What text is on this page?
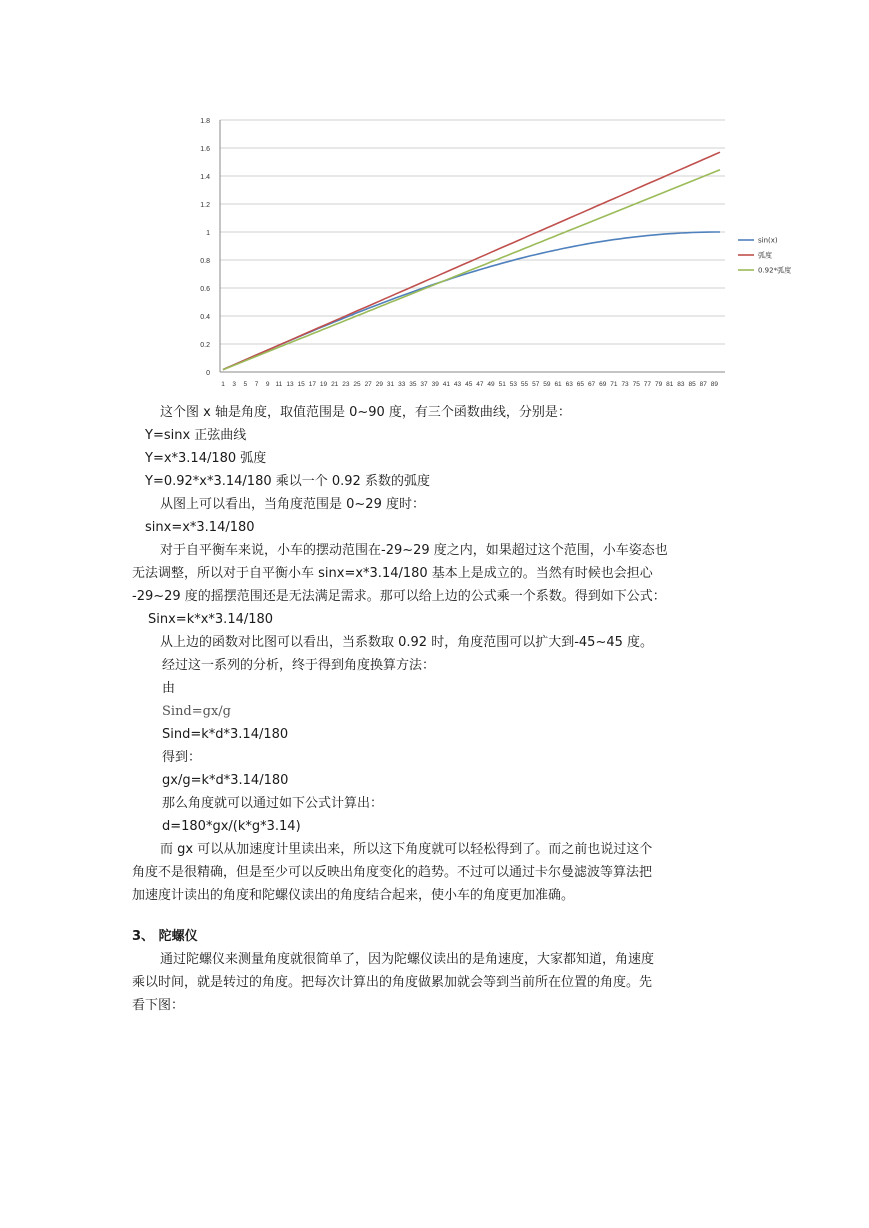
0
0.2
0.4
0.6
0.8
1
1.2
1.4
1.6
1.8
1 3 5 7 9 11 13 15 17 19 21 23 25 27 29 31 33 35 37 39 41 43 45 47 49 51 53 55 57 59 61 63 65 67 69 71 73 75 77 79 81 83 85 87 89
sin(x)
弧度
0.92*弧度
这个图 x 轴是角度，取值范围是 0~90 度，有三个函数曲线，分别是：
Y=sinx 正弦曲线
Y=x*3.14/180 弧度
Y=0.92*x*3.14/180 乘以一个 0.92 系数的弧度
从图上可以看出，当角度范围是 0~29 度时：
sinx=x*3.14/180
对于自平衡车来说，小车的摆动范围在-29~29 度之内，如果超过这个范围，小车姿态也
无法调整，所以对于自平衡小车 sinx=x*3.14/180 基本上是成立的。当然有时候也会担心
-29~29 度的摇摆范围还是无法满足需求。那可以给上边的公式乘一个系数。得到如下公式：
Sinx=k*x*3.14/180
从上边的函数对比图可以看出，当系数取 0.92 时，角度范围可以扩大到-45~45 度。
经过这一系列的分析，终于得到角度换算方法：
由
Sind=gx/g
Sind=k*d*3.14/180
得到：
gx/g=k*d*3.14/180
那么角度就可以通过如下公式计算出：
d=180*gx/(k*g*3.14)
而 gx 可以从加速度计里读出来，所以这下角度就可以轻松得到了。而之前也说过这个
角度不是很精确，但是至少可以反映出角度变化的趋势。不过可以通过卡尔曼滤波等算法把
加速度计读出的角度和陀螺仪读出的角度结合起来，使小车的角度更加准确。
3、 陀螺仪
通过陀螺仪来测量角度就很简单了，因为陀螺仪读出的是角速度，大家都知道，角速度
乘以时间，就是转过的角度。把每次计算出的角度做累加就会等到当前所在位置的角度。先
看下图：
